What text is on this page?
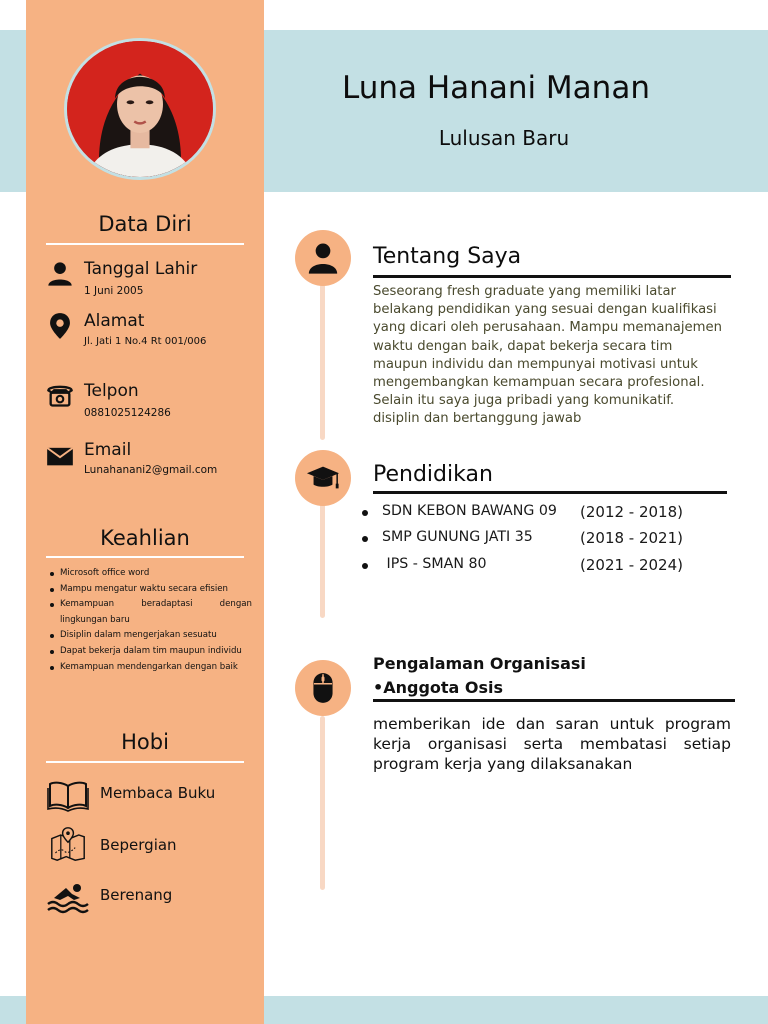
Data Diri
Tanggal Lahir
1 Juni 2005
Alamat
Jl. Jati 1 No.4 Rt 001/006
Telpon
0881025124286
Email
Lunahanani2@gmail.com
Keahlian
Microsoft office word
Mampu mengatur waktu secara efisien
Kemampuan beradaptasi dengan lingkungan baru
Disiplin dalam mengerjakan sesuatu
Dapat bekerja dalam tim maupun individu
Kemampuan mendengarkan dengan baik
Hobi
Membaca Buku
Bepergian
Berenang
Luna Hanani Manan
Lulusan Baru
Tentang Saya
Seseorang fresh graduate yang memiliki latar belakang pendidikan yang sesuai dengan kualifikasi yang dicari oleh perusahaan. Mampu memanajemen waktu dengan baik, dapat bekerja secara tim maupun individu dan mempunyai motivasi untuk mengembangkan kemampuan secara profesional. Selain itu saya juga pribadi yang komunikatif. disiplin dan bertanggung jawab
Pendidikan
SDN KEBON BAWANG 09 (2012 - 2018)
SMP GUNUNG JATI 35	(2018 - 2021)
IPS - SMAN 80	(2021 - 2024)
Pengalaman Organisasi
•Anggota Osis
memberikan ide dan saran untuk program kerja organisasi serta membatasi setiap program kerja yang dilaksanakan
